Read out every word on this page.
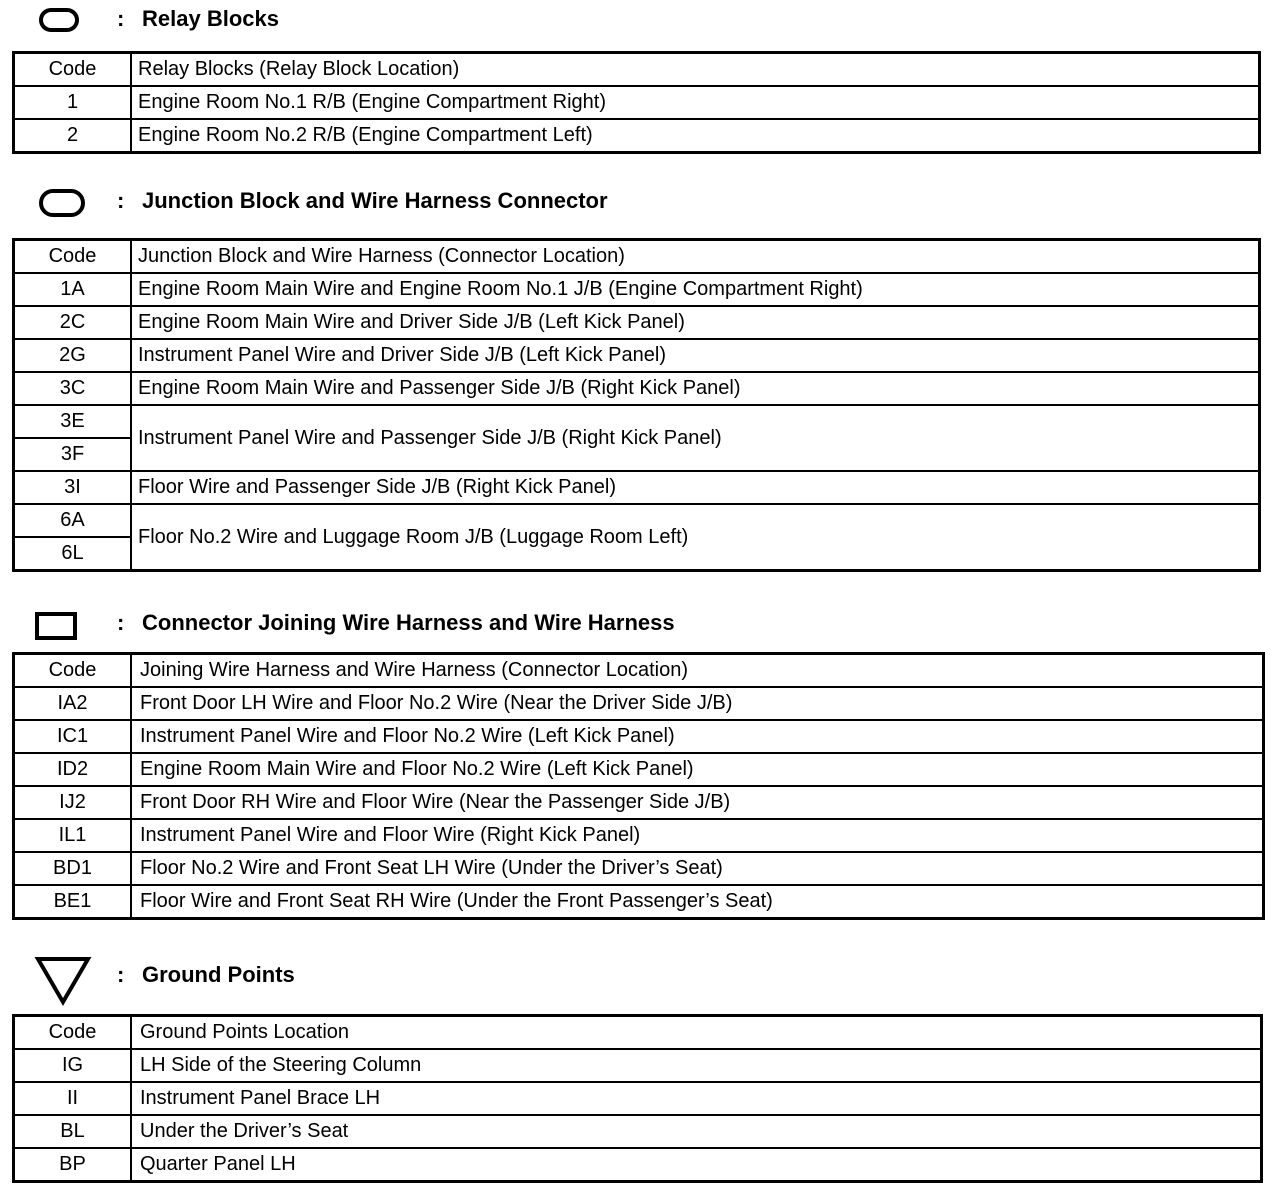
: Relay Blocks
Code	Relay Blocks (Relay Block Location)
1	Engine Room No.1 R/B (Engine Compartment Right)
2	Engine Room No.2 R/B (Engine Compartment Left)
: Junction Block and Wire Harness Connector
Code	Junction Block and Wire Harness (Connector Location)
1A	Engine Room Main Wire and Engine Room No.1 J/B (Engine Compartment Right)
2C	Engine Room Main Wire and Driver Side J/B (Left Kick Panel)
2G	Instrument Panel Wire and Driver Side J/B (Left Kick Panel)
3C	Engine Room Main Wire and Passenger Side J/B (Right Kick Panel)
3E	Instrument Panel Wire and Passenger Side J/B (Right Kick Panel)
3F	
3I	Floor Wire and Passenger Side J/B (Right Kick Panel)
6A	Floor No.2 Wire and Luggage Room J/B (Luggage Room Left)
6L	
: Connector Joining Wire Harness and Wire Harness
Code	Joining Wire Harness and Wire Harness (Connector Location)
IA2	Front Door LH Wire and Floor No.2 Wire (Near the Driver Side J/B)
IC1	Instrument Panel Wire and Floor No.2 Wire (Left Kick Panel)
ID2	Engine Room Main Wire and Floor No.2 Wire (Left Kick Panel)
IJ2	Front Door RH Wire and Floor Wire (Near the Passenger Side J/B)
IL1	Instrument Panel Wire and Floor Wire (Right Kick Panel)
BD1	Floor No.2 Wire and Front Seat LH Wire (Under the Driver’s Seat)
BE1	Floor Wire and Front Seat RH Wire (Under the Front Passenger’s Seat)
: Ground Points
Code	Ground Points Location
IG	LH Side of the Steering Column
II	Instrument Panel Brace LH
BL	Under the Driver’s Seat
BP	Quarter Panel LH
